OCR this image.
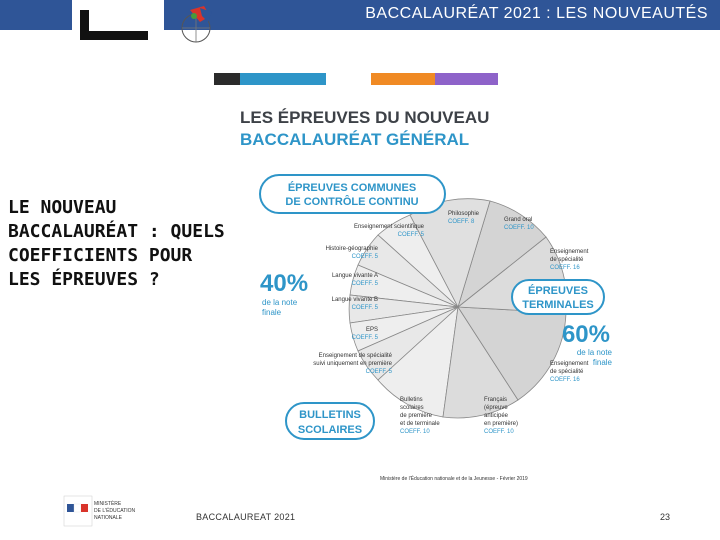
BACCALAURÉAT 2021 : LES NOUVEAUTÉS
LE NOUVEAU BACCALAURÉAT : QUELS COEFFICIENTS POUR LES ÉPREUVES ?
LES ÉPREUVES DU NOUVEAU
BACCALAURÉAT GÉNÉRAL
ÉPREUVES COMMUNES
DE CONTRÔLE CONTINU
40%
de la note
finale
Enseignement scientifique
COEFF. 5
Histoire-géographie
COEFF. 5
Langue vivante A
COEFF. 5
Langue vivante B
COEFF. 5
EPS
COEFF. 5
Enseignement de spécialité
suivi uniquement en première
COEFF. 5
Philosophie
COEFF. 8	Grand oral
COEFF. 10
Enseignement
de spécialité
COEFF. 16
Enseignement
de spécialité
COEFF. 16
Français
(épreuve
anticipée
en première)
COEFF. 10
Bulletins
scolaires
de première
et de terminale
COEFF. 10
ÉPREUVES
TERMINALES
60%
de la note
finale
BULLETINS
SCOLAIRES
Ministère de l'Éducation nationale et de la Jeunesse - Février 2019
MINISTÈRE
DE L'ÉDUCATION
NATIONALE	BACCALAUREAT 2021	23
